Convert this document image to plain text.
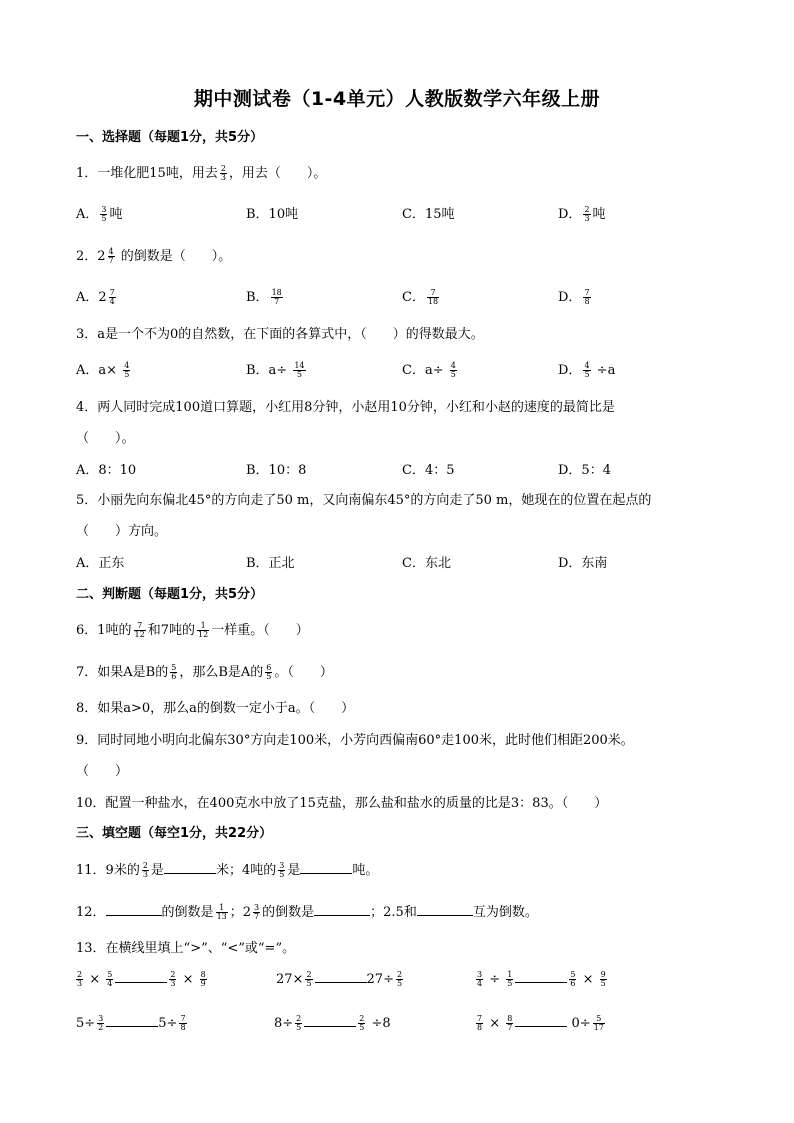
期中测试卷（1-4单元）人教版数学六年级上册
一、选择题（每题1分，共5分）
1．一堆化肥15吨，用去 $\frac{2}{3}$ ，用去（　　）。
A． $\frac{3}{5}$ 吨	B．10吨	C．15吨	D． $\frac{2}{3}$ 吨
2．$2 \frac{4}{7}$ 的倒数是（　　）。
A．$2 \frac{7}{4}$	B． $\frac{18}{7}$	C． $\frac{7}{18}$	D． $\frac{7}{8}$
3．a是一个不为0的自然数，在下面的各算式中，（　　）的得数最大。
A．$a\times \frac{4}{5}$	B．$a\div \frac{14}{5}$	C．$a\div \frac{4}{5}$	D． $\frac{4}{5} \div a$
4．两人同时完成100道口算题，小红用8分钟，小赵用10分钟，小红和小赵的速度的最简比是
（　　）。
A．8：10	B．10：8	C．4：5	D．5：4
5．小丽先向东偏北45°的方向走了50 m，又向南偏东45°的方向走了50 m，她现在的位置在起点的
（　　）方向。
A．正东	B．正北	C．东北	D．东南
二、判断题（每题1分，共5分）
6．1吨的 $\frac{7}{12}$ 和7吨的 $\frac{1}{12}$ 一样重。（　　）
7．如果A是B的 $\frac{5}{6}$ ，那么B是A的 $\frac{6}{5}$ 。（　　）
8．如果a>0，那么a的倒数一定小于a。（　　）
9．同时同地小明向北偏东30°方向走100米，小芳向西偏南60°走100米，此时他们相距200米。
（　　）
10．配置一种盐水，在400克水中放了15克盐，那么盐和盐水的质量的比是3：83。（　　）
三、填空题（每空1分，共22分）
11．9米的 $\frac{2}{3}$ 是	米；4吨的 $\frac{3}{5}$ 是	吨。
12．	的倒数是 $\frac{1}{13}$ ；$2 \frac{3}{7}$ 的倒数是	；2.5和	互为倒数。
13．在横线里填上“>”、“<”或“=”。
$\frac{2}{3} \times \frac{5}{4}$	$\frac{2}{3} \times \frac{8}{9}$	$27\times \frac{2}{5}$	$27\div \frac{2}{5}$	$\frac{3}{4} \div \frac{1}{5}$	$\frac{5}{6} \times \frac{9}{5}$
$5\div \frac{3}{2}$	$5\div \frac{7}{8}$	$8\div \frac{2}{5}$	$\frac{2}{5} \div 8$	$\frac{7}{8} \times \frac{8}{7}$	$0\div \frac{5}{17}$
